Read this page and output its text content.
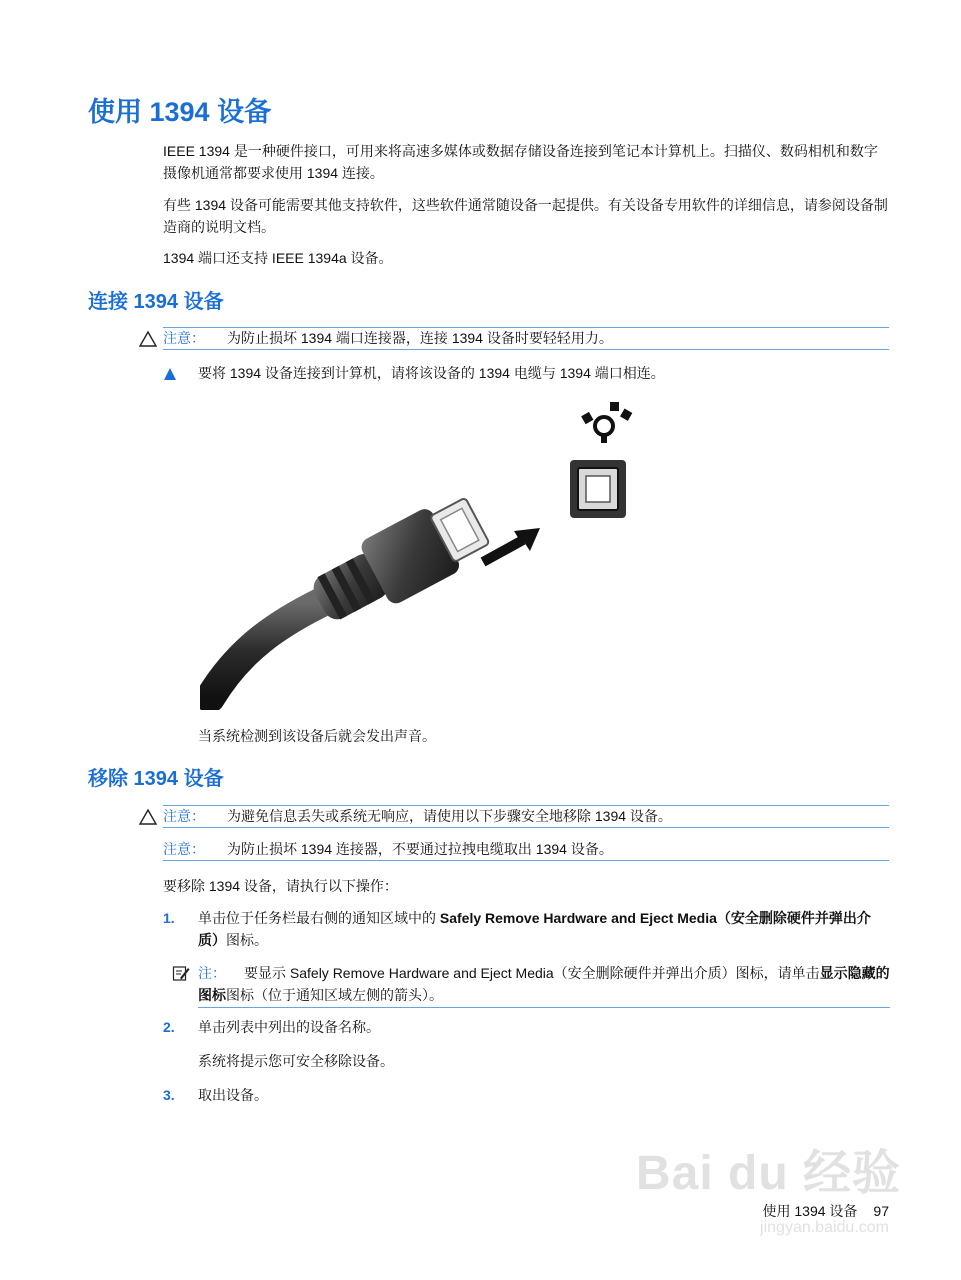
使用 1394 设备
IEEE 1394 是一种硬件接口，可用来将高速多媒体或数据存储设备连接到笔记本计算机上。扫描仪、数码相机和数字摄像机通常都要求使用 1394 连接。
有些 1394 设备可能需要其他支持软件，这些软件通常随设备一起提供。有关设备专用软件的详细信息，请参阅设备制造商的说明文档。
1394 端口还支持 IEEE 1394a 设备。
连接 1394 设备
注意： 为防止损坏 1394 端口连接器，连接 1394 设备时要轻轻用力。
要将 1394 设备连接到计算机，请将该设备的 1394 电缆与 1394 端口相连。
当系统检测到该设备后就会发出声音。
移除 1394 设备
注意： 为避免信息丢失或系统无响应，请使用以下步骤安全地移除 1394 设备。
注意： 为防止损坏 1394 连接器，不要通过拉拽电缆取出 1394 设备。
要移除 1394 设备，请执行以下操作：
1. 单击位于任务栏最右侧的通知区域中的 Safely Remove Hardware and Eject Media（安全删除硬件并弹出介质）图标。
注： 要显示 Safely Remove Hardware and Eject Media（安全删除硬件并弹出介质）图标，请单击显示隐藏的图标图标（位于通知区域左侧的箭头）。
2. 单击列表中列出的设备名称。
系统将提示您可安全移除设备。
3. 取出设备。
Bai du 经验
jingyan.baidu.com
使用 1394 设备 97
